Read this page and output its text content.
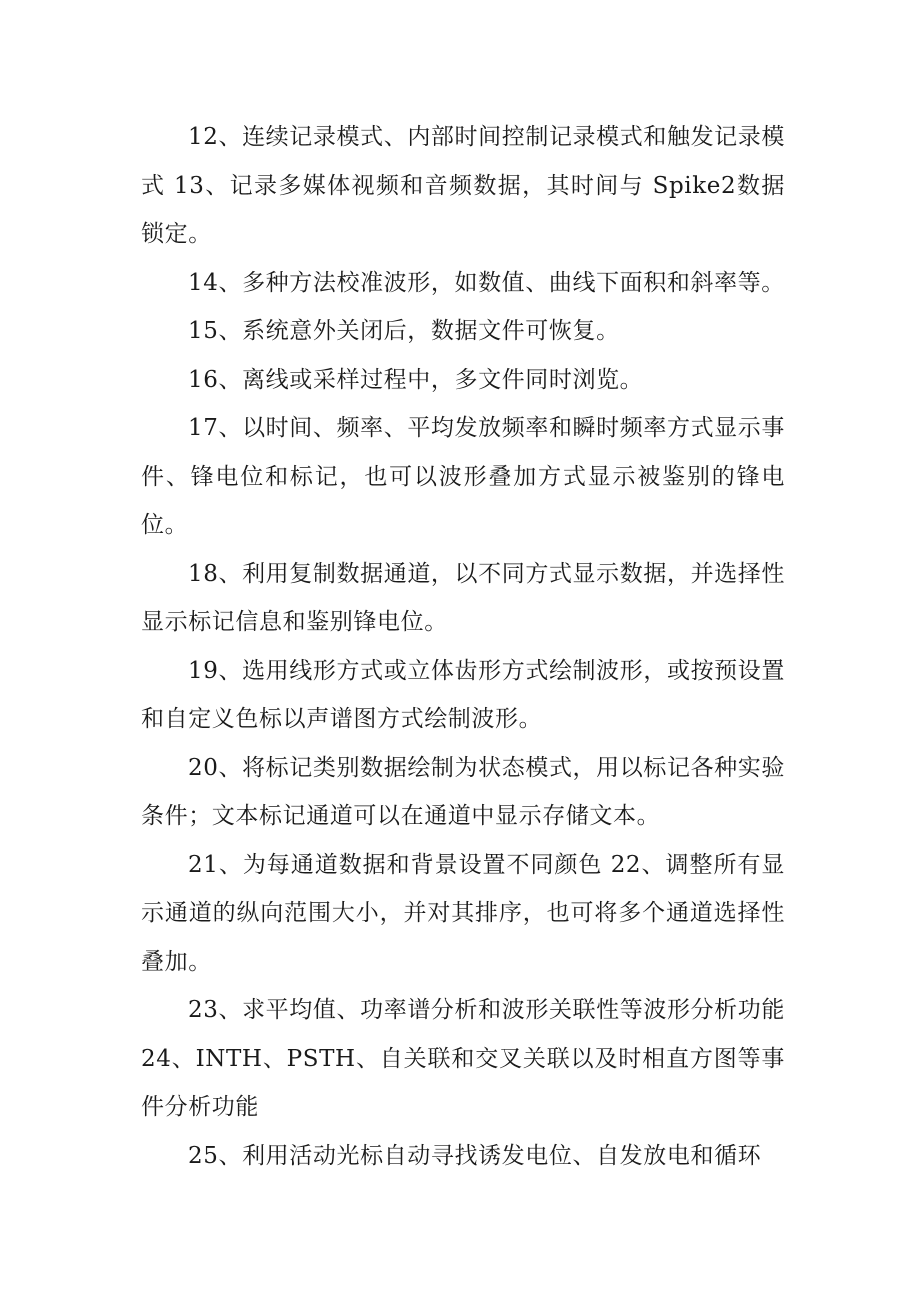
12、连续记录模式、内部时间控制记录模式和触发记录模式 13、记录多媒体视频和音频数据，其时间与 Spike2数据锁定。

14、多种方法校准波形，如数值、曲线下面积和斜率等。

15、系统意外关闭后，数据文件可恢复。

16、离线或采样过程中，多文件同时浏览。

17、以时间、频率、平均发放频率和瞬时频率方式显示事件、锋电位和标记，也可以波形叠加方式显示被鉴别的锋电位。

18、利用复制数据通道，以不同方式显示数据，并选择性显示标记信息和鉴别锋电位。

19、选用线形方式或立体齿形方式绘制波形，或按预设置和自定义色标以声谱图方式绘制波形。

20、将标记类别数据绘制为状态模式，用以标记各种实验条件；文本标记通道可以在通道中显示存储文本。

21、为每通道数据和背景设置不同颜色 22、调整所有显示通道的纵向范围大小，并对其排序，也可将多个通道选择性叠加。

23、求平均值、功率谱分析和波形关联性等波形分析功能 24、INTH、PSTH、自关联和交叉关联以及时相直方图等事件分析功能

25、利用活动光标自动寻找诱发电位、自发放电和循环
